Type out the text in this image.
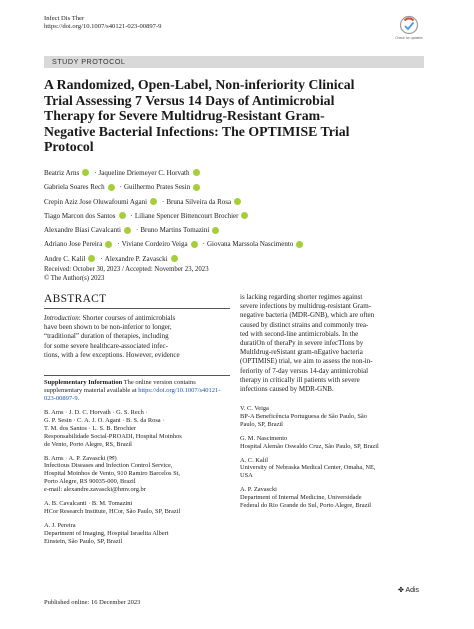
Infect Dis Ther
https://doi.org/10.1007/s40121-023-00897-9
Check for updates
STUDY PROTOCOL
A Randomized, Open-Label, Non-inferiority Clinical
Trial Assessing 7 Versus 14 Days of Antimicrobial
Therapy for Severe Multidrug-Resistant Gram-
Negative Bacterial Infections: The OPTIMISE Trial
Protocol
Beatriz Arns · Jaqueline Driemeyer C. Horvath
Gabriela Soares Rech · Guilhermo Prates Sesin
Crepin Aziz Jose Oluwafoumi Agani · Bruna Silveira da Rosa
Tiago Marcon dos Santos · Liliane Spencer Bittencourt Brochier
Alexandre Biasi Cavalcanti · Bruno Martins Tomazini
Adriano Jose Pereira · Viviane Cordeiro Veiga · Giovana Marssola Nascimento
Andre C. Kalil · Alexandre P. Zavascki
Received: October 30, 2023 / Accepted: November 23, 2023
© The Author(s) 2023
ABSTRACT
Introduction: Shorter courses of antimicrobials
have been shown to be non-inferior to longer,
“traditional” duration of therapies, including
for some severe healthcare-associated infec-
tions, with a few exceptions. However, evidence
Supplementary Information The online version contains supplementary material available at https://doi.org/10.1007/s40121-023-00897-9.
B. Arns · J. D. C. Horvath · G. S. Rech ·
G. P. Sesin · C. A. J. O. Agani · B. S. da Rosa ·
T. M. dos Santos · L. S. B. Brochier
Responsabilidade Social-PROADI, Hospital Moinhos
de Vento, Porto Alegre, RS, Brazil
B. Arns · A. P. Zavascki (✉)
Infectious Diseases and Infection Control Service,
Hospital Moinhos de Vento, 910 Ramiro Barcelos St,
Porto Alegre, RS 90035-000, Brazil
e-mail: alexandre.zavascki@hmv.org.br
A. B. Cavalcanti · B. M. Tomazini
HCor Research Institute, HCor, São Paulo, SP, Brazil
A. J. Pereira
Department of Imaging, Hospital Israelita Albert
Einstein, São Paulo, SP, Brazil
is lacking regarding shorter regimes against
severe infections by multidrug-resistant Gram-
negative bacteria (MDR-GNB), which are often
caused by distinct strains and commonly trea-
ted with second-line antimicrobials. In the
duratiOn of theraPy in severe infecTIons by
MultIdrug-reSistant gram-nEgative bacteria
(OPTIMISE) trial, we aim to assess the non-in-
feriority of 7-day versus 14-day antimicrobial
therapy in critically ill patients with severe
infections caused by MDR-GNB.
V. C. Veiga
BP-A Beneficência Portuguesa de São Paulo, São
Paulo, SP, Brazil
G. M. Nascimento
Hospital Alemão Oswaldo Cruz, São Paulo, SP, Brazil
A. C. Kalil
University of Nebraska Medical Center, Omaha, NE,
USA
A. P. Zavascki
Department of Internal Medicine, Universidade
Federal do Rio Grande do Sul, Porto Alegre, Brazil
Published online: 16 December 2023
✤ Adis
